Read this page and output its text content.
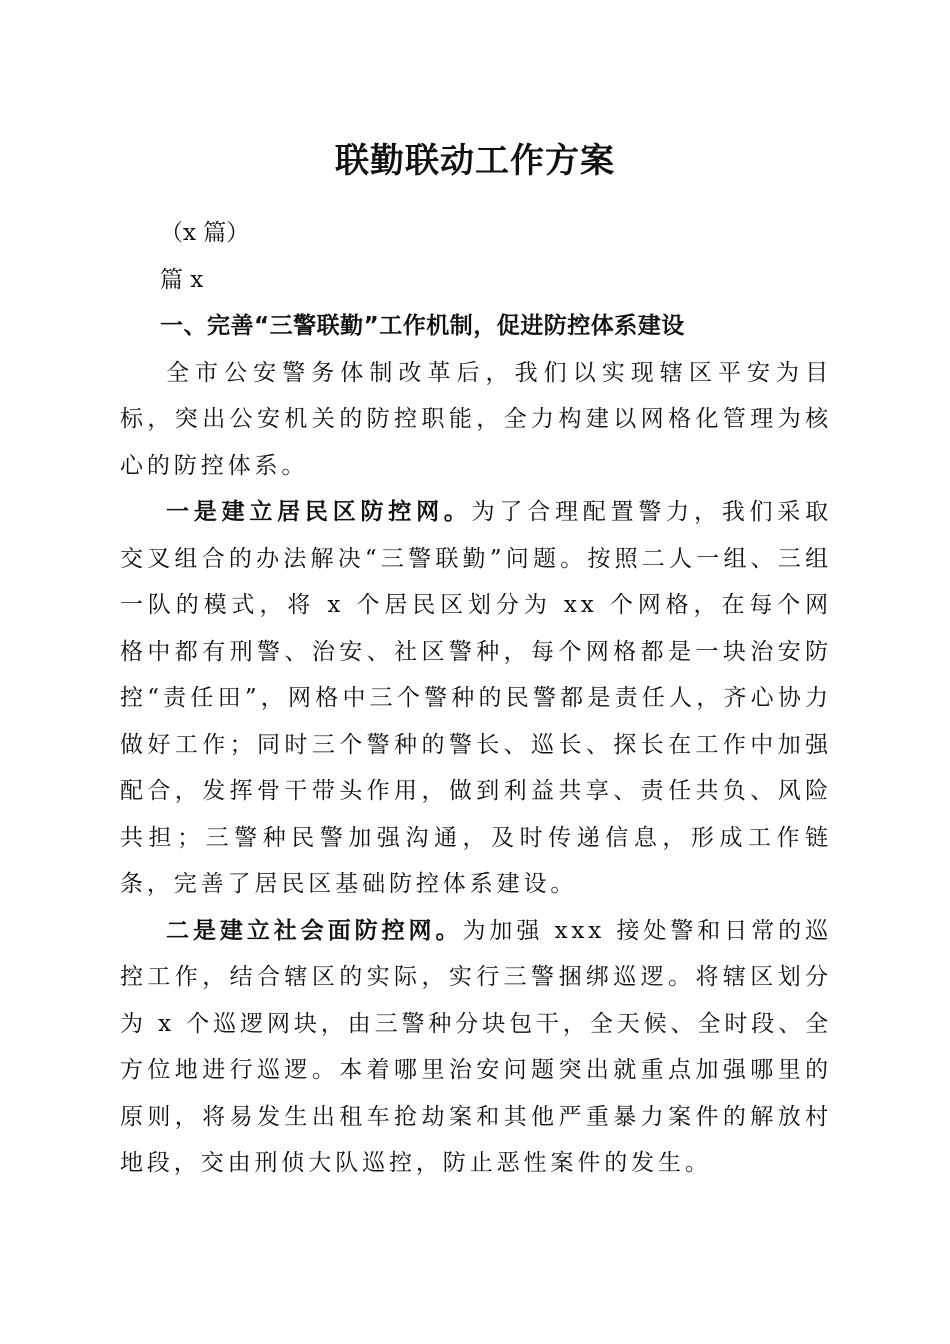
联勤联动工作方案

（x 篇）

篇 x

一、完善“三警联勤”工作机制，促进防控体系建设

全市公安警务体制改革后，我们以实现辖区平安为目标，突出公安机关的防控职能，全力构建以网格化管理为核心的防控体系。

一是建立居民区防控网。为了合理配置警力，我们采取交叉组合的办法解决“三警联勤”问题。按照二人一组、三组一队的模式，将 x 个居民区划分为 xx 个网格，在每个网格中都有刑警、治安、社区警种，每个网格都是一块治安防控“责任田”，网格中三个警种的民警都是责任人，齐心协力做好工作；同时三个警种的警长、巡长、探长在工作中加强配合，发挥骨干带头作用，做到利益共享、责任共负、风险共担；三警种民警加强沟通，及时传递信息，形成工作链条，完善了居民区基础防控体系建设。

二是建立社会面防控网。为加强 xxx 接处警和日常的巡控工作，结合辖区的实际，实行三警捆绑巡逻。将辖区划分为 x 个巡逻网块，由三警种分块包干，全天候、全时段、全方位地进行巡逻。本着哪里治安问题突出就重点加强哪里的原则，将易发生出租车抢劫案和其他严重暴力案件的解放村地段，交由刑侦大队巡控，防止恶性案件的发生。
